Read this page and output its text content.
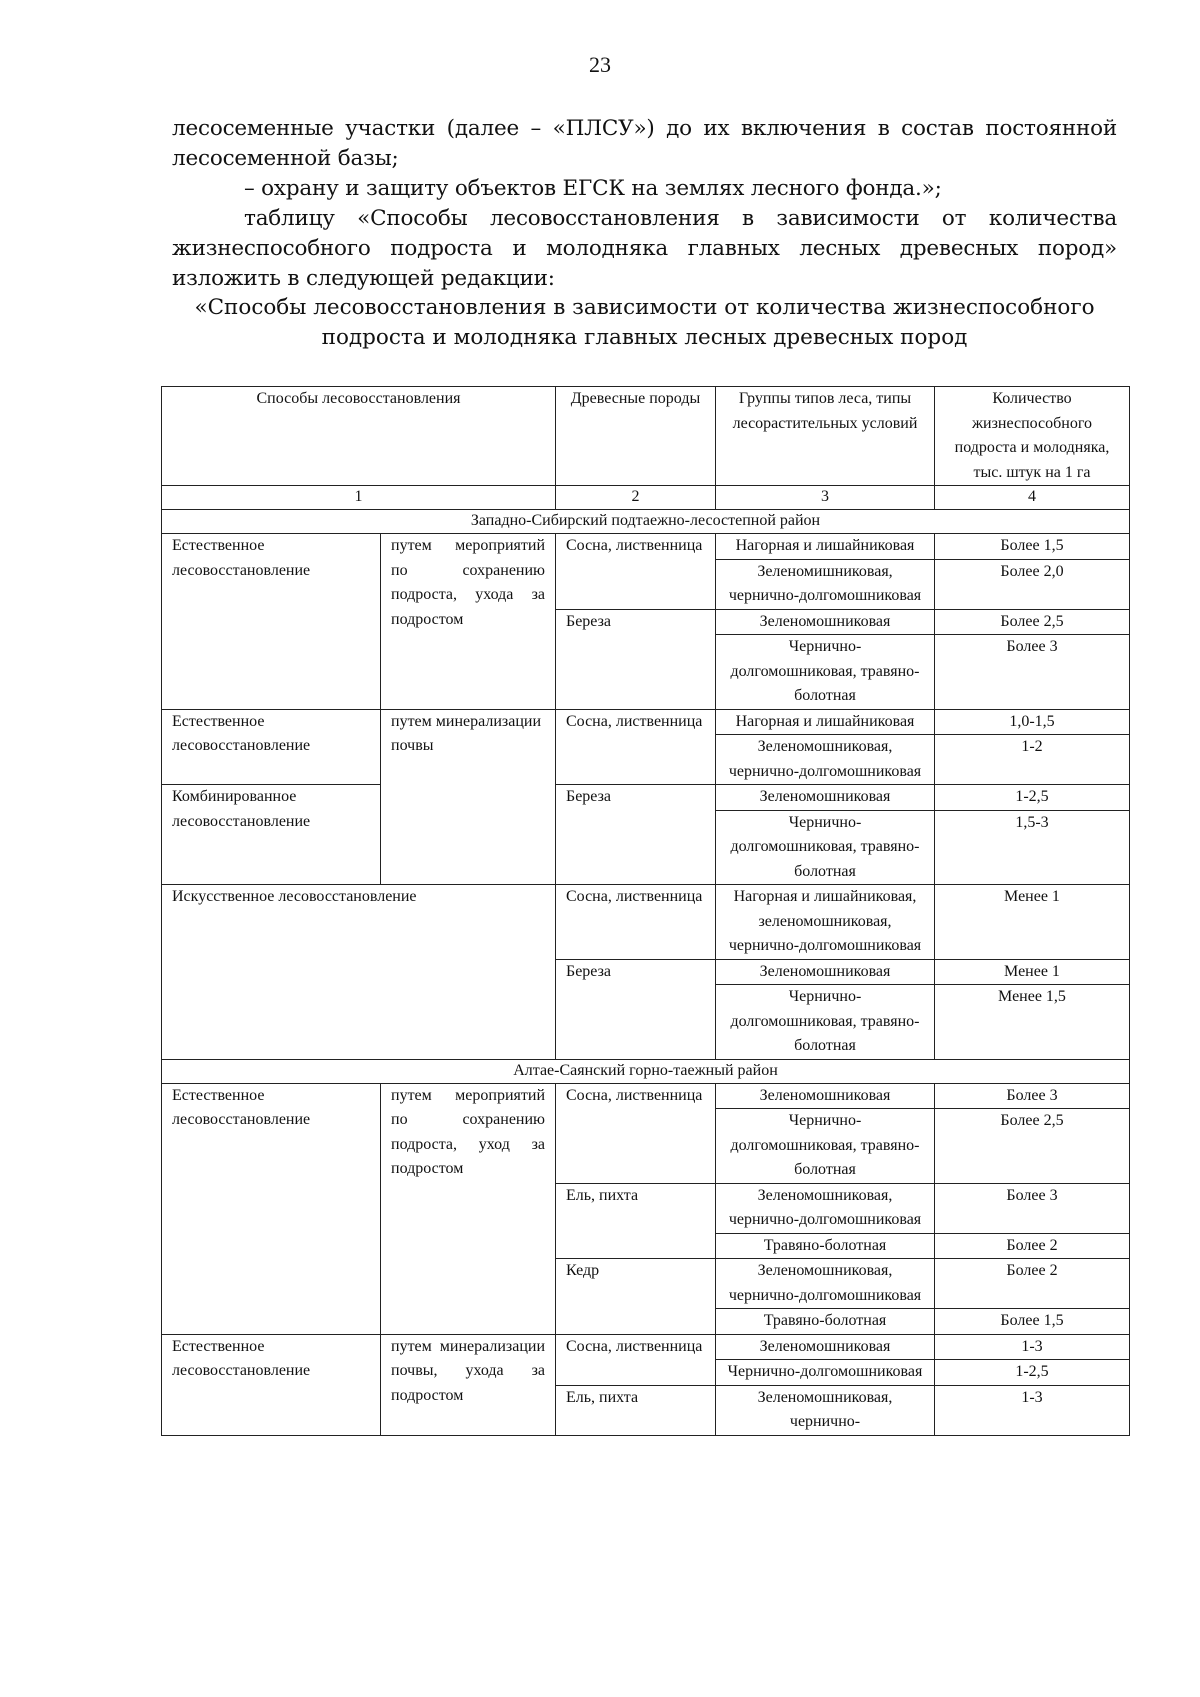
23
лесосеменные участки (далее – «ПЛСУ») до их включения в состав постоянной лесосеменной базы;
– охрану и защиту объектов ЕГСК на землях лесного фонда.»;
таблицу «Способы лесовосстановления в зависимости от количества жизнеспособного подроста и молодняка главных лесных древесных пород» изложить в следующей редакции:
«Способы лесовосстановления в зависимости от количества жизнеспособного
подроста и молодняка главных лесных древесных пород
Способы лесовосстановления		Древесные породы	Группы типов леса, типы лесорастительных условий	Количество жизнеспособного подроста и молодняка, тыс. штук на 1 га
1		2	3	4
Западно-Сибирский подтаежно-лесостепной район				
Естественное лесовосстановление	путем мероприятий по сохранению подроста, ухода за подростом	Сосна, лиственница	Нагорная и лишайниковая	Более 1,5
			Зеленомишниковая, чернично-долгомошниковая	Более 2,0
		Береза	Зеленомошниковая	Более 2,5
			Чернично-долгомошниковая, травяно-болотная	Более 3
Естественное лесовосстановление	путем минерализации почвы	Сосна, лиственница	Нагорная и лишайниковая	1,0-1,5
			Зеленомошниковая, чернично-долгомошниковая	1-2
Комбинированное лесовосстановление		Береза	Зеленомошниковая	1-2,5
			Чернично-долгомошниковая, травяно-болотная	1,5-3
Искусственное лесовосстановление		Сосна, лиственница	Нагорная и лишайниковая, зеленомошниковая, чернично-долгомошниковая	Менее 1
		Береза	Зеленомошниковая	Менее 1
			Чернично-долгомошниковая, травяно-болотная	Менее 1,5
Алтае-Саянский горно-таежный район				
Естественное лесовосстановление	путем мероприятий по сохранению подроста, уход за подростом	Сосна, лиственница	Зеленомошниковая	Более 3
			Чернично-долгомошниковая, травяно-болотная	Более 2,5
		Ель, пихта	Зеленомошниковая, чернично-долгомошниковая	Более 3
			Травяно-болотная	Более 2
		Кедр	Зеленомошниковая, чернично-долгомошниковая	Более 2
			Травяно-болотная	Более 1,5
Естественное лесовосстановление	путем минерализации почвы, ухода за подростом	Сосна, лиственница	Зеленомошниковая	1-3
			Чернично-долгомошниковая	1-2,5
		Ель, пихта	Зеленомошниковая, чернично-	1-3
